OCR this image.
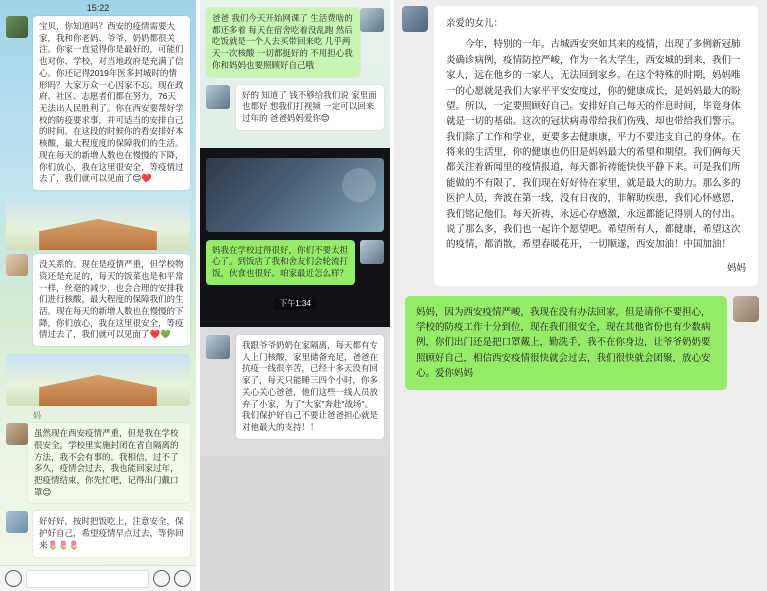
15:22
宝贝，你知道吗？西安的疫情需要大家，我和你老妈、爷爷、奶奶都很关注。你家一直觉得你是最好的，可能们也对你、学校，对当地政府是充满了信心。你还记得2019年医多封城时的情形吗？大家万众一心因家不忘。现在政府、社区、志愿者们都在努力，76天无法出人民胜利了。你在西安要帮好学校的防疫要求事，并可适当的安排自己的时间。在这段的时候你的看安排好本核酸，最大程度度的保障我们的生活。现在每天的新增人数也在慢慢的下降，你们放心，我在这里很安全，等疫情过去了，我们就可以见面了😊❤️
没关系的。现在是疫情严重，但学校物资还是充足的，每天的饭菜也是和平常一样，丝毫的减少，也会合理的安排我们进行核酸，最大程度的保障我们的生活。现在每天的新增人数也在慢慢的下降，你们放心，我在这里很安全，等疫情过去了，我们就可以见面了❤️💚
妈
虽然现在西安疫情严重，但是我在学校很安全。学校里实施封闭在省自隔离的方法，我不会有事的。我相信，过不了多久，疫情会过去，我也能回家过年，把疫情结束，你先忙吧，记得出门戴口罩😊
好好好，按时把饭吃上，注意安全，保护好自己，希望疫情早点过去，等你回来🌷🌷🌷
爸爸 我们今天开始网课了 生活费啥的都还多着 每天在宿舍吃着没乱跑 然后吃饭就是一个人去买带回来吃 几乎两天一次核酸 一切都挺好的 不用担心我 你和妈妈也要照顾好自己哦
好的 知道了 钱不够给我们说 家里面也都好 想我们打视频 一定可以回来过年的 爸爸妈妈爱你😊
妈我在学校过得很好，你们不要太担心了。到饭店了我和舍友们会轮流打饭，伙食也很好。咱家最近怎么样？
下午1:34
我跟爷爷奶奶在家隔离，每天都有专人上门核酸，家里储备充足，爸爸在抗疫一线很辛苦，已经十多天没有回家了，每天只能睡三四个小时，你多关心关心爸爸，他们这些一线人员放弃了小家，为了"大家"奔赴"战场"。我们保护好自己不要让爸爸担心就是对他最大的支持！！
亲爱的女儿：
今年，特别的一年。古城西安突如其来的疫情，出现了多例新冠肺炎确诊病例，疫情防控严峻，作为一名大学生，西安城的到来，我们一家人，远在他乡的一家人，无法回到家乡。在这个特殊的时期，妈妈唯一的心愿就是我们大家平平安安度过，你的健康成长，是妈妈最大的盼望。所以，一定要照顾好自己。安排好自己每天的作息时间，毕竟身体就是一切的基础。这次的冠状病毒带给我们伤残、却也带给我们警示。我们除了工作和学业，更要多去健康康，平力不要违支自己的身体。在将来的生活里，你的健康也仍旧是妈妈最大的希望和期望。我们俩每天都关注着新闻里的疫情报道，每天都祈祷能快快平静下来。可是我们所能做的不有限了，我们现在好好待在家里，就是最大的助力。那么多的医护人员，奔波在第一线，没有日夜的，非解助疾患，我们心怀感恩，我们铭记他们。每天祈祷，永远心存感激，永远都能记得别人的付出。说了那么多，我们也一起许个愿望吧。希望所有人，都健康，希望这次的疫情，都消散，希望春暖花开，一切顺遂，西安加油！中国加油！
妈妈
妈妈，因为西安疫情严峻，我现在没有办法回家，但是请你不要担心，学校的防疫工作十分到位，现在我们很安全，现在其他省份也有少数病例，你们出门还是把口罩戴上，勤洗手，我不在你身边，让爷爷奶奶要照顾好自己，相信西安疫情很快就会过去，我们很快就会团聚，放心安心。爱你妈妈
